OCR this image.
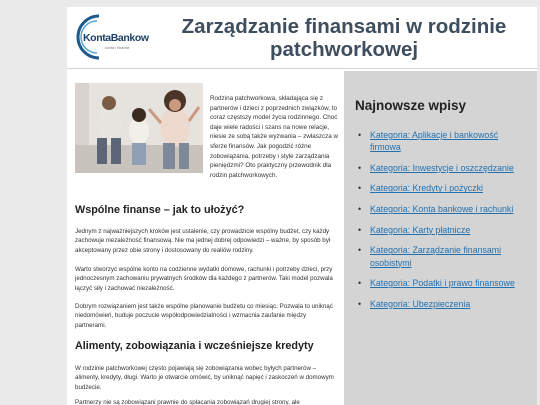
KontaBankowe
konta i finanse
Zarządzanie finansami w rodzinie patchworkowej
Rodzina patchworkowa, składająca się z partnerów i dzieci z poprzednich związków, to coraz częstszy model życia rodzinnego. Choć daje wiele radości i szans na nowe relacje, niesie ze sobą także wyzwania – zwłaszcza w sferze finansów. Jak pogodzić różne zobowiązania, potrzeby i style zarządzania pieniędzmi? Oto praktyczny przewodnik dla rodzin patchworkowych.
Wspólne finanse – jak to ułożyć?
Jednym z najważniejszych kroków jest ustalenie, czy prowadzicie wspólny budżet, czy każdy zachowuje niezależność finansową. Nie ma jednej dobrej odpowiedzi – ważne, by sposób był akceptowany przez obie strony i dostosowany do realiów rodziny.
Warto stworzyć wspólne konto na codzienne wydatki domowe, rachunki i potrzeby dzieci, przy jednoczesnym zachowaniu prywatnych środków dla każdego z partnerów. Taki model pozwala łączyć siły i zachować niezależność.
Dobrym rozwiązaniem jest także wspólne planowanie budżetu co miesiąc. Pozwala to uniknąć niedomówień, buduje poczucie współodpowiedzialności i wzmacnia zaufanie między partnerami.
Alimenty, zobowiązania i wcześniejsze kredyty
W rodzinie patchworkowej często pojawiają się zobowiązania wobec byłych partnerów – alimenty, kredyty, długi. Warto je otwarcie omówić, by uniknąć napięć i zaskoczeń w domowym budżecie.
Partnerzy nie są zobowiązani prawnie do spłacania zobowiązań drugiej strony, ale
Najnowsze wpisy
• Kategoria: Aplikacje i bankowość firmowa
• Kategoria: Inwestycje i oszczędzanie
• Kategoria: Kredyty i pożyczki
• Kategoria: Konta bankowe i rachunki
• Kategoria: Karty płatnicze
• Kategoria: Zarządzanie finansami osobistymi
• Kategoria: Podatki i prawo finansowe
• Kategoria: Ubezpieczenia
